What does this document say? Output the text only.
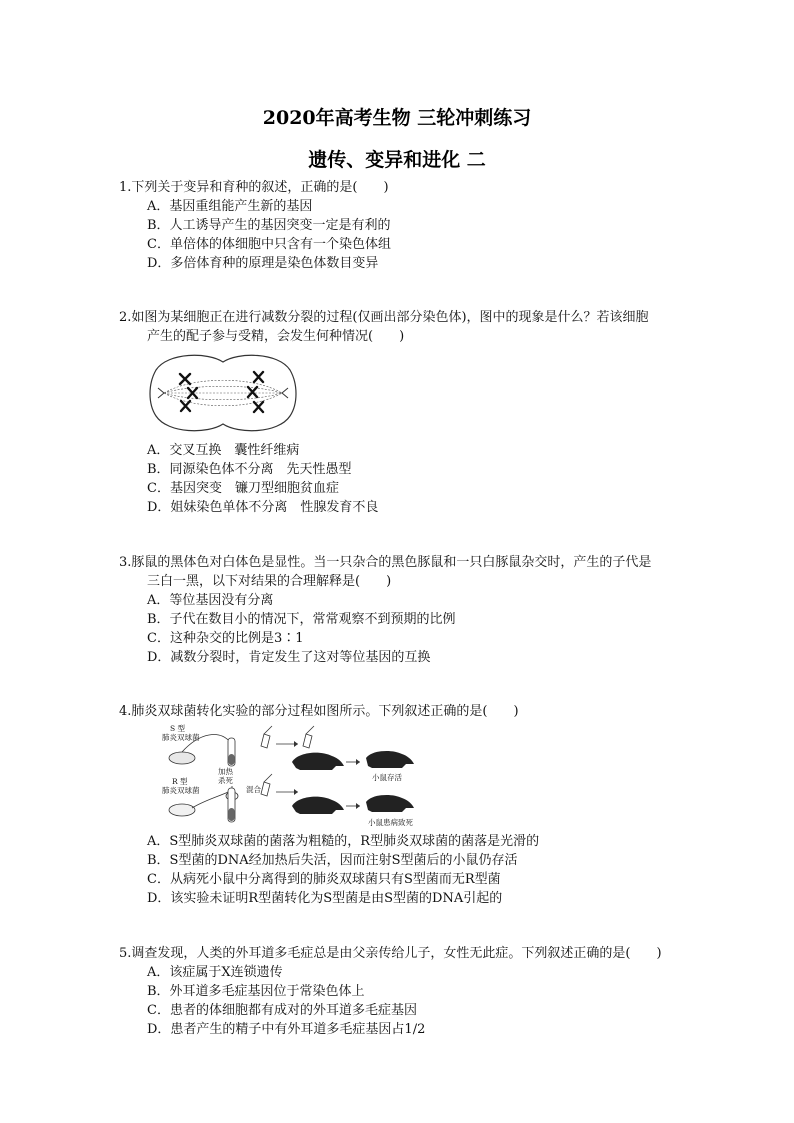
2020年高考生物 三轮冲刺练习
遗传、变异和进化 二

1.下列关于变异和育种的叙述，正确的是(　　)

A．基因重组能产生新的基因
B．人工诱导产生的基因突变一定是有利的
C．单倍体的体细胞中只含有一个染色体组
D．多倍体育种的原理是染色体数目变异

2.如图为某细胞正在进行减数分裂的过程(仅画出部分染色体)，图中的现象是什么？若该细胞
产生的配子参与受精，会发生何种情况(　　)

A．交叉互换　囊性纤维病
B．同源染色体不分离　先天性愚型
C．基因突变　镰刀型细胞贫血症
D．姐妹染色单体不分离　性腺发育不良

3.豚鼠的黑体色对白体色是显性。当一只杂合的黑色豚鼠和一只白豚鼠杂交时，产生的子代是
三白一黑，以下对结果的合理解释是(　　)

A．等位基因没有分离
B．子代在数目小的情况下，常常观察不到预期的比例
C．这种杂交的比例是3∶1
D．减数分裂时，肯定发生了这对等位基因的互换

4.肺炎双球菌转化实验的部分过程如图所示。下列叙述正确的是(　　)

S 型
肺炎双球菌
加热
杀死	小鼠存活
R 型
肺炎双球菌	混合
小鼠患病致死
A．S型肺炎双球菌的菌落为粗糙的，R型肺炎双球菌的菌落是光滑的
B．S型菌的DNA经加热后失活，因而注射S型菌后的小鼠仍存活
C．从病死小鼠中分离得到的肺炎双球菌只有S型菌而无R型菌
D．该实验未证明R型菌转化为S型菌是由S型菌的DNA引起的

5.调查发现，人类的外耳道多毛症总是由父亲传给儿子，女性无此症。下列叙述正确的是(　　)

A．该症属于X连锁遗传
B．外耳道多毛症基因位于常染色体上
C．患者的体细胞都有成对的外耳道多毛症基因
D．患者产生的精子中有外耳道多毛症基因占1/2
